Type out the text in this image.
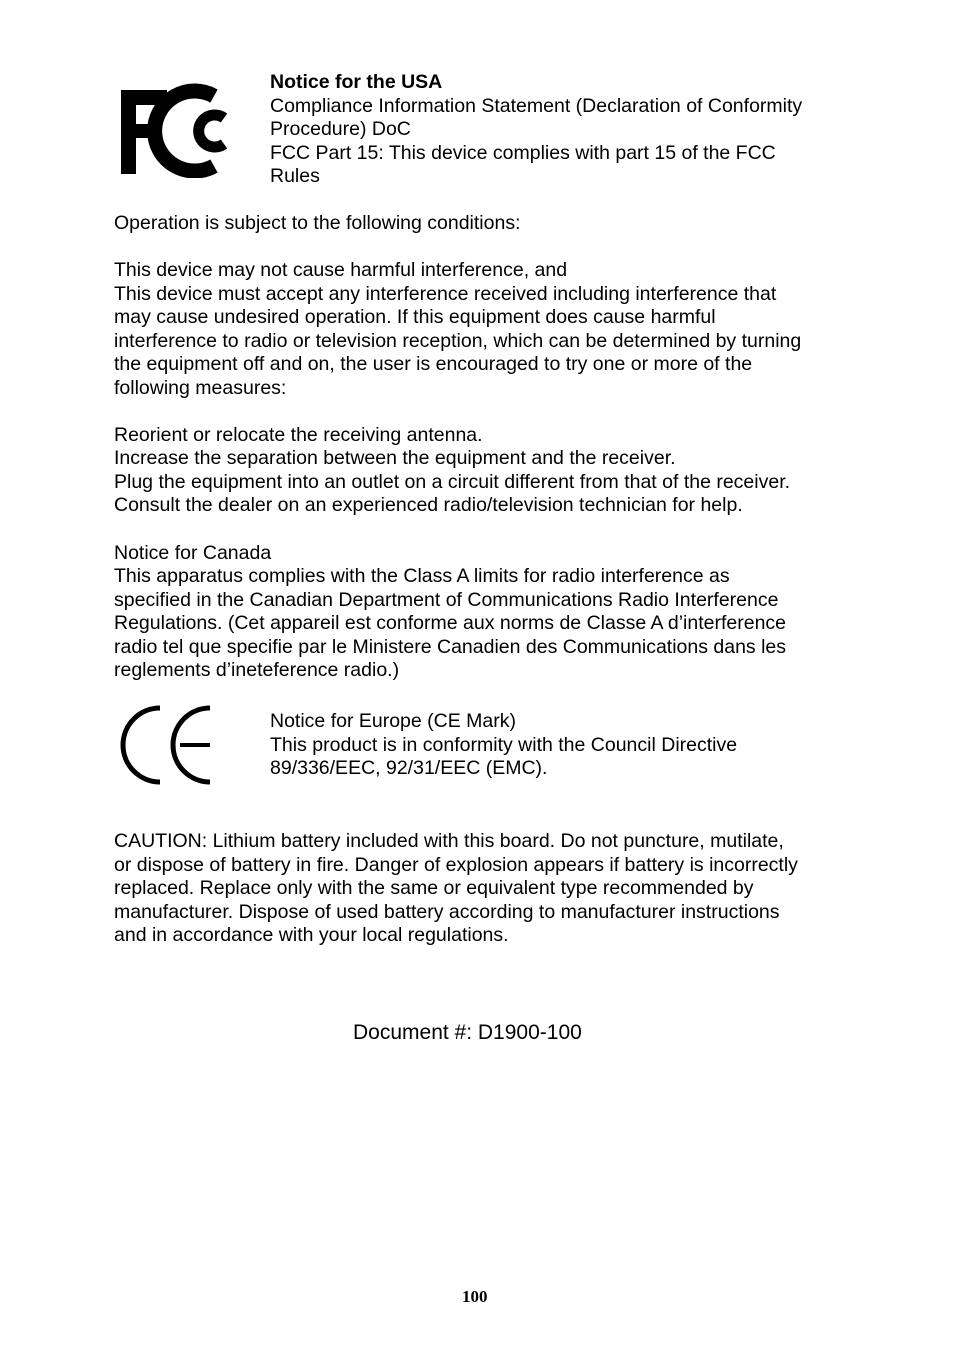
Notice for the USA
Compliance Information Statement (Declaration of Conformity
Procedure) DoC
FCC Part 15: This device complies with part 15 of the FCC
Rules
Operation is subject to the following conditions:
This device may not cause harmful interference, and
This device must accept any interference received including interference that
may cause undesired operation. If this equipment does cause harmful
interference to radio or television reception, which can be determined by turning
the equipment off and on, the user is encouraged to try one or more of the
following measures:
Reorient or relocate the receiving antenna.
Increase the separation between the equipment and the receiver.
Plug the equipment into an outlet on a circuit different from that of the receiver.
Consult the dealer on an experienced radio/television technician for help.
Notice for Canada
This apparatus complies with the Class A limits for radio interference as
specified in the Canadian Department of Communications Radio Interference
Regulations. (Cet appareil est conforme aux norms de Classe A d’interference
radio tel que specifie par le Ministere Canadien des Communications dans les
reglements d’ineteference radio.)
Notice for Europe (CE Mark)
This product is in conformity with the Council Directive
89/336/EEC, 92/31/EEC (EMC).
CAUTION: Lithium battery included with this board. Do not puncture, mutilate,
or dispose of battery in fire. Danger of explosion appears if battery is incorrectly
replaced. Replace only with the same or equivalent type recommended by
manufacturer. Dispose of used battery according to manufacturer instructions
and in accordance with your local regulations.
Document #: D1900-100
100
